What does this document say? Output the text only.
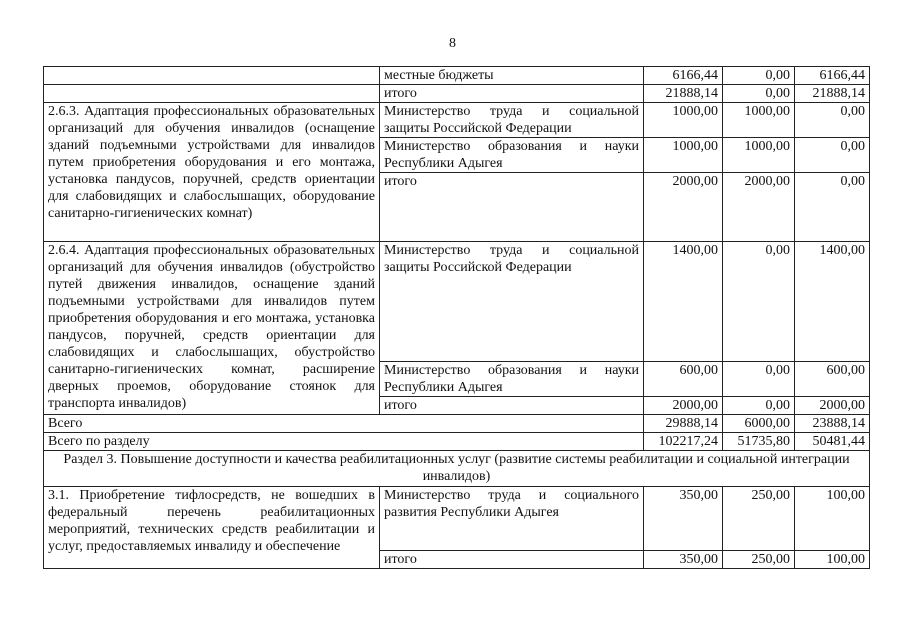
8
	местные бюджеты	6166,44	0,00	6166,44
	итого	21888,14	0,00	21888,14
2.6.3. Адаптация профессиональных образовательных организаций для обучения инвалидов (оснащение зданий подъемными устройствами для инвалидов путем приобретения оборудования и его монтажа, установка пандусов, поручней, средств ориентации для слабовидящих и слабослышащих, оборудование санитарно-гигиенических комнат)	Министерство труда и социальной защиты Российской Федерации	1000,00	1000,00	0,00
	Министерство образования и науки Республики Адыгея	1000,00	1000,00	0,00
	итого	2000,00	2000,00	0,00
2.6.4. Адаптация профессиональных образовательных организаций для обучения инвалидов (обустройство путей движения инвалидов, оснащение зданий подъемными устройствами для инвалидов путем приобретения оборудования и его монтажа, установка пандусов, поручней, средств ориентации для слабовидящих и слабослышащих, обустройство санитарно-гигиенических комнат, расширение дверных проемов, оборудование стоянок для транспорта инвалидов)	Министерство труда и социальной защиты Российской Федерации	1400,00	0,00	1400,00
	Министерство образования и науки Республики Адыгея	600,00	0,00	600,00
	итого	2000,00	0,00	2000,00
Всего		29888,14	6000,00	23888,14
Всего по разделу		102217,24	51735,80	50481,44
Раздел 3. Повышение доступности и качества реабилитационных услуг (развитие системы реабилитации и социальной интеграции инвалидов)				
3.1. Приобретение тифлосредств, не вошедших в федеральный перечень реабилитационных мероприятий, технических средств реабилитации и услуг, предоставляемых инвалиду и обеспечение	Министерство труда и социального развития Республики Адыгея	350,00	250,00	100,00
	итого	350,00	250,00	100,00
